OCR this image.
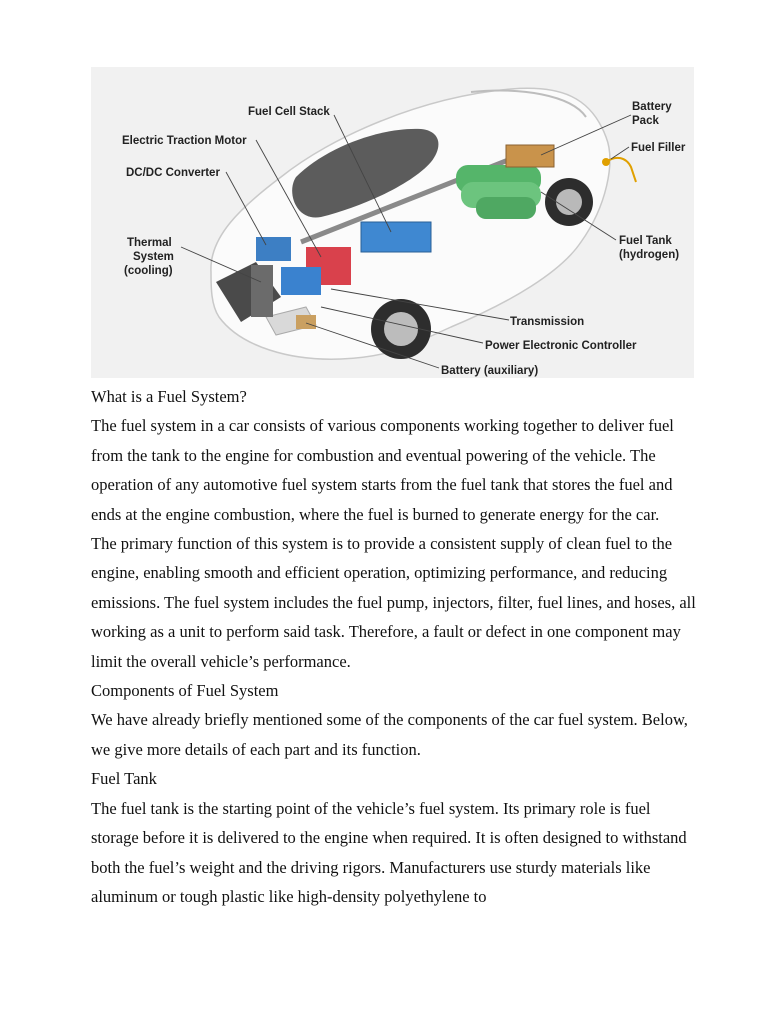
Fuel Cell Stack
Electric Traction Motor
DC/DC Converter
Thermal
System
(cooling)
Battery
Pack
Fuel Filler
Fuel Tank
(hydrogen)
Transmission
Power Electronic Controller
Battery (auxiliary)

What is a Fuel System?

The fuel system in a car consists of various components working together to deliver fuel from the tank to the engine for combustion and eventual powering of the vehicle. The operation of any automotive fuel system starts from the fuel tank that stores the fuel and ends at the engine combustion, where the fuel is burned to generate energy for the car.

The primary function of this system is to provide a consistent supply of clean fuel to the engine, enabling smooth and efficient operation, optimizing performance, and reducing emissions. The fuel system includes the fuel pump, injectors, filter, fuel lines, and hoses, all working as a unit to perform said task. Therefore, a fault or defect in one component may limit the overall vehicle’s performance.

Components of Fuel System

We have already briefly mentioned some of the components of the car fuel system. Below, we give more details of each part and its function.

Fuel Tank

The fuel tank is the starting point of the vehicle’s fuel system. Its primary role is fuel storage before it is delivered to the engine when required. It is often designed to withstand both the fuel’s weight and the driving rigors. Manufacturers use sturdy materials like aluminum or tough plastic like high-density polyethylene to
